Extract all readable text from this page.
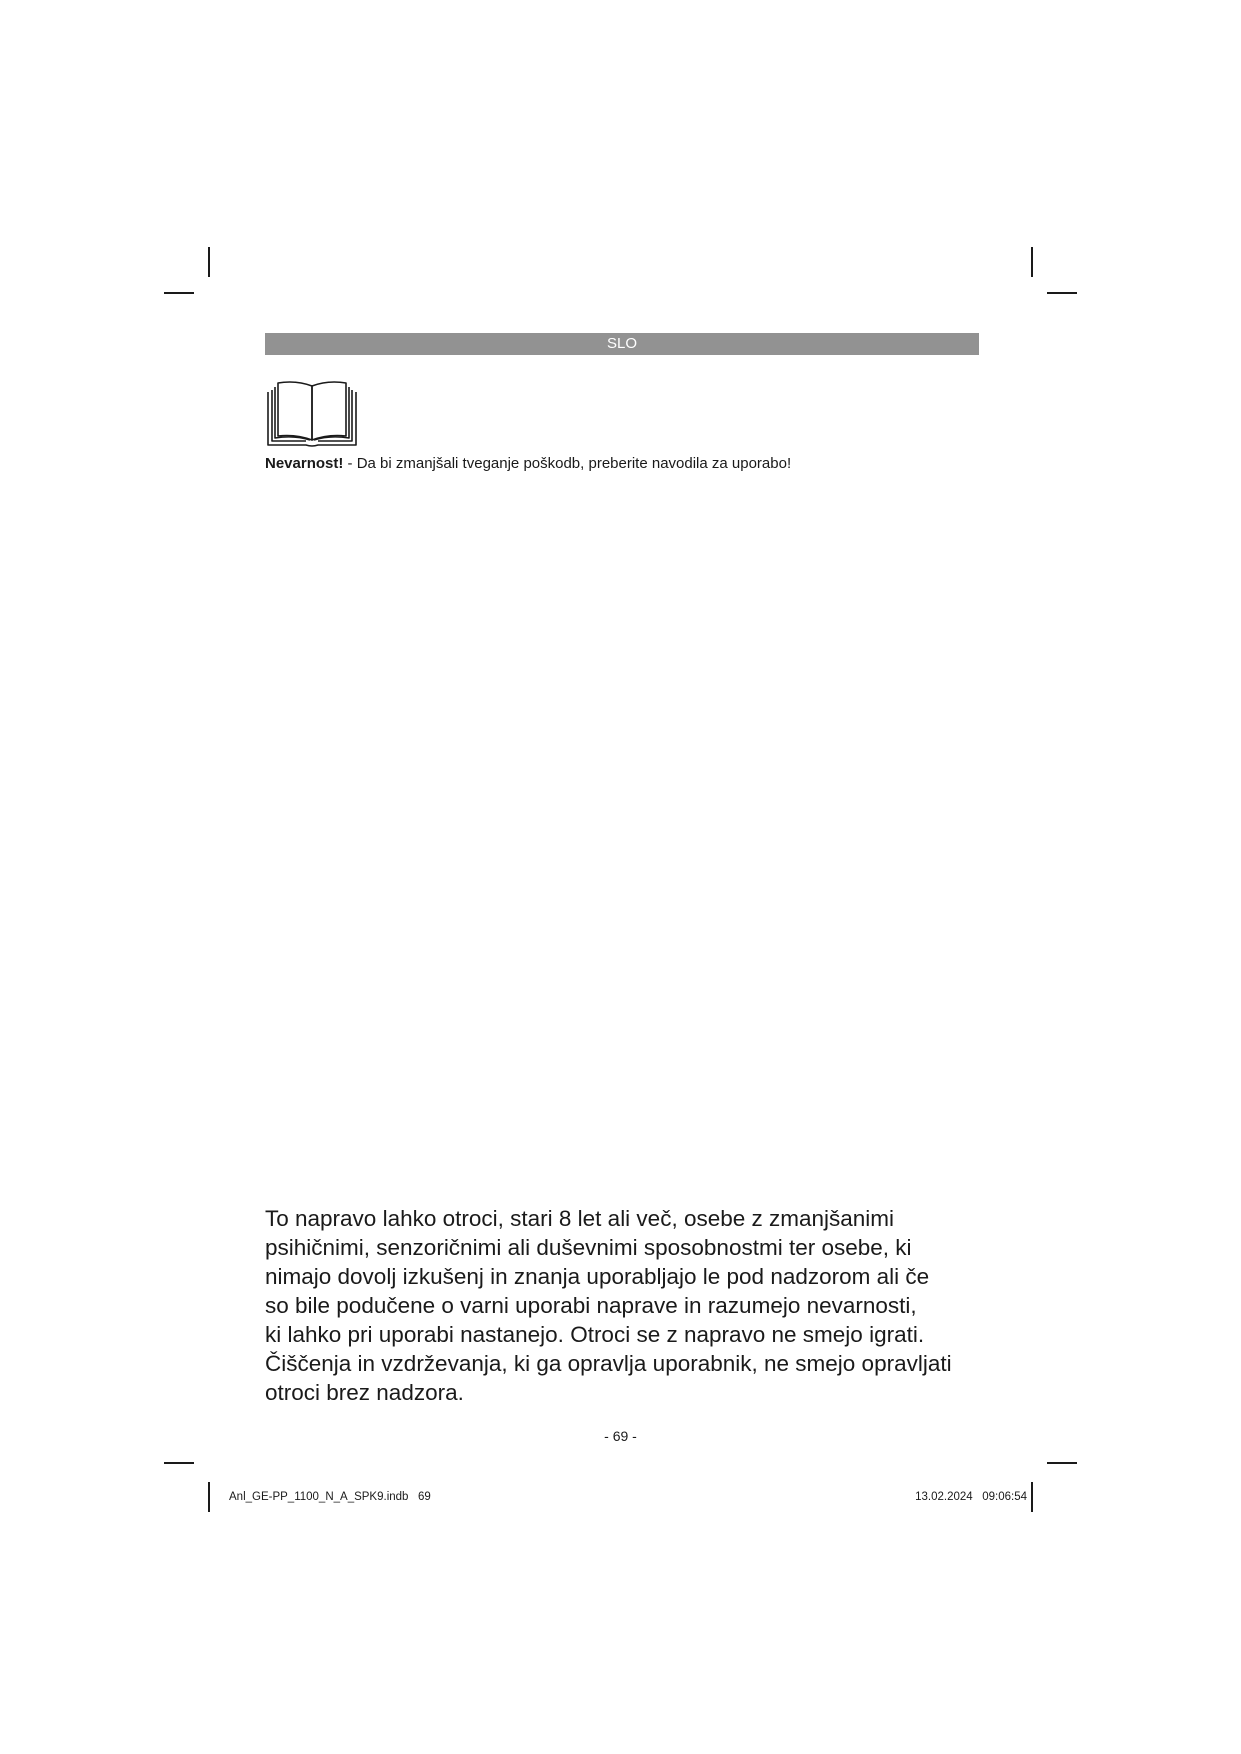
SLO
Nevarnost! - Da bi zmanjšali tveganje poškodb, preberite navodila za uporabo!

To napravo lahko otroci, stari 8 let ali več, osebe z zmanjšanimi

psihičnimi, senzoričnimi ali duševnimi sposobnostmi ter osebe, ki

nimajo dovolj izkušenj in znanja uporabljajo le pod nadzorom ali če

so bile podučene o varni uporabi naprave in razumejo nevarnosti,

ki lahko pri uporabi nastanejo. Otroci se z napravo ne smejo igrati.

Čiščenja in vzdrževanja, ki ga opravlja uporabnik, ne smejo opravljati

otroci brez nadzora.

- 69 -
Anl_GE-PP_1100_N_A_SPK9.indb   69	13.02.2024   09:06:54
